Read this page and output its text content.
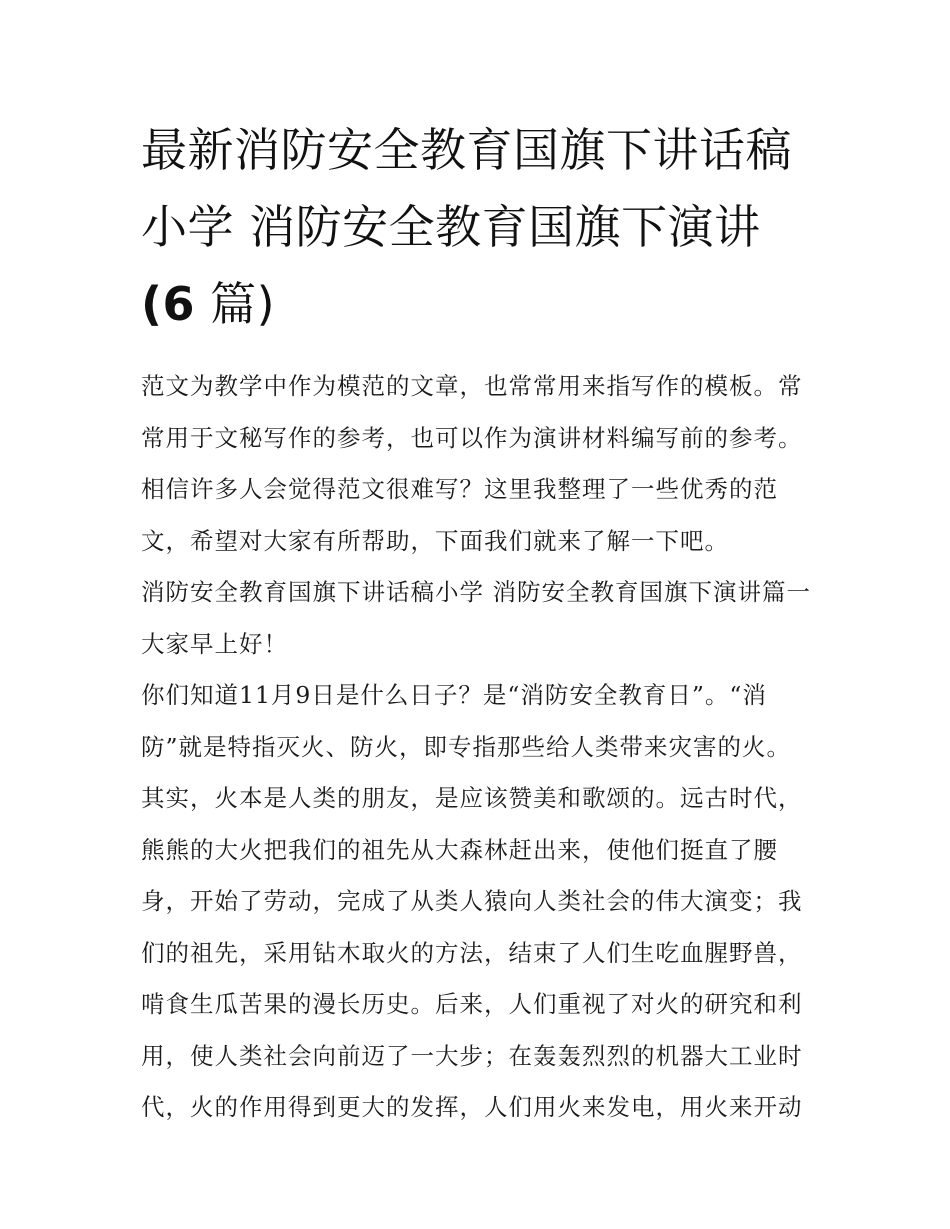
最新消防安全教育国旗下讲话稿小学 消防安全教育国旗下演讲(6 篇)

范文为教学中作为模范的文章，也常常用来指写作的模板。常常用于文秘写作的参考，也可以作为演讲材料编写前的参考。相信许多人会觉得范文很难写？这里我整理了一些优秀的范文，希望对大家有所帮助，下面我们就来了解一下吧。

消防安全教育国旗下讲话稿小学 消防安全教育国旗下演讲篇一 大家早上好！

你们知道11月9日是什么日子？是“消防安全教育日”。“消防”就是特指灭火、防火，即专指那些给人类带来灾害的火。其实，火本是人类的朋友，是应该赞美和歌颂的。远古时代，熊熊的大火把我们的祖先从大森林赶出来，使他们挺直了腰身，开始了劳动，完成了从类人猿向人类社会的伟大演变；我们的祖先，采用钻木取火的方法，结束了人们生吃血腥野兽，啃食生瓜苦果的漫长历史。后来，人们重视了对火的研究和利用，使人类社会向前迈了一大步；在轰轰烈烈的机器大工业时代，火的作用得到更大的发挥，人们用火来发电，用火来开动
